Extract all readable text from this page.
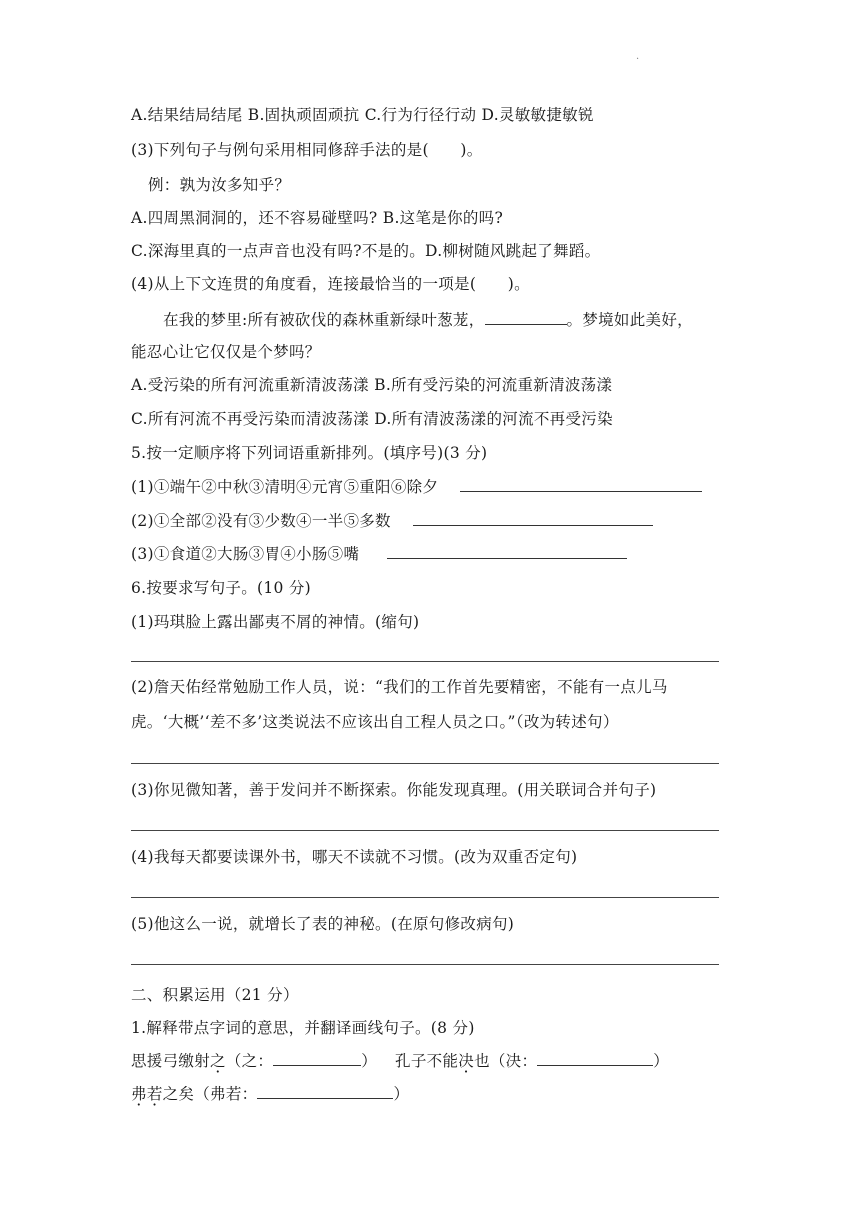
·
A.结果结局结尾 B.固执顽固顽抗 C.行为行径行动 D.灵敏敏捷敏锐
(3)下列句子与例句采用相同修辞手法的是(　　)。
例：孰为汝多知乎？
A.四周黑洞洞的，还不容易碰壁吗? B.这笔是你的吗?
C.深海里真的一点声音也没有吗?不是的。D.柳树随风跳起了舞蹈。
(4)从上下文连贯的角度看，连接最恰当的一项是(　　)。
在我的梦里:所有被砍伐的森林重新绿叶葱茏，	。梦境如此美好，
能忍心让它仅仅是个梦吗？
A.受污染的所有河流重新清波荡漾 B.所有受污染的河流重新清波荡漾
C.所有河流不再受污染而清波荡漾 D.所有清波荡漾的河流不再受污染
5.按一定顺序将下列词语重新排列。(填序号)(3 分)
(1)①端午②中秋③清明④元宵⑤重阳⑥除夕
(2)①全部②没有③少数④一半⑤多数
(3)①食道②大肠③胃④小肠⑤嘴
6.按要求写句子。(10 分)
(1)玛琪脸上露出鄙夷不屑的神情。(缩句)
(2)詹天佑经常勉励工作人员，说：“我们的工作首先要精密，不能有一点儿马
虎。‘大概’‘差不多’这类说法不应该出自工程人员之口。”（改为转述句）
(3)你见微知著，善于发问并不断探索。你能发现真理。(用关联词合并句子)
(4)我每天都要读课外书，哪天不读就不习惯。(改为双重否定句)
(5)他这么一说，就增长了表的神秘。(在原句修改病句)
二、积累运用（21 分）
1.解释带点字词的意思，并翻译画线句子。(8 分)
思援弓缴射之（之：	） 孔子不能决也（决：	）
弗若之矣（弗若：	）
